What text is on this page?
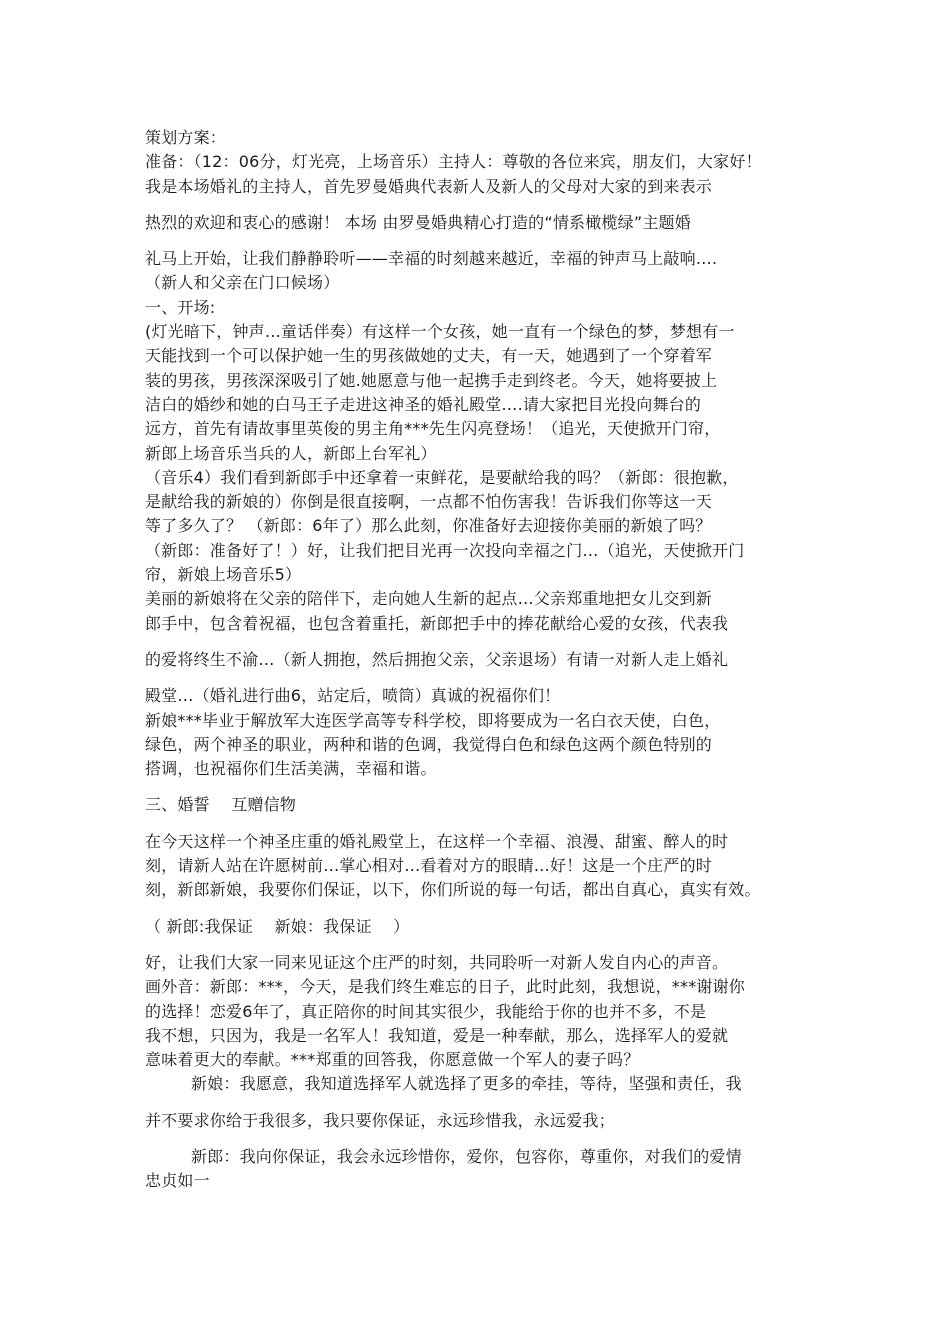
策划方案：
准备：（12：06分，灯光亮，上场音乐）主持人：尊敬的各位来宾，朋友们，大家好！
我是本场婚礼的主持人，首先罗曼婚典代表新人及新人的父母对大家的到来表示
热烈的欢迎和衷心的感谢！ 本场 由罗曼婚典精心打造的“情系橄榄绿”主题婚
礼马上开始，让我们静静聆听——幸福的时刻越来越近，幸福的钟声马上敲响….
（新人和父亲在门口候场）
一、开场:
(灯光暗下，钟声…童话伴奏）有这样一个女孩，她一直有一个绿色的梦，梦想有一
天能找到一个可以保护她一生的男孩做她的丈夫，有一天，她遇到了一个穿着军
装的男孩，男孩深深吸引了她.她愿意与他一起携手走到终老。今天，她将要披上
洁白的婚纱和她的白马王子走进这神圣的婚礼殿堂….请大家把目光投向舞台的
远方，首先有请故事里英俊的男主角***先生闪亮登场！（追光，天使掀开门帘，
新郎上场音乐当兵的人，新郎上台军礼）
（音乐4）我们看到新郎手中还拿着一束鲜花，是要献给我的吗？（新郎：很抱歉，
是献给我的新娘的）你倒是很直接啊，一点都不怕伤害我！告诉我们你等这一天
等了多久了？ （新郎：6年了）那么此刻，你准备好去迎接你美丽的新娘了吗？
（新郎：准备好了！）好，让我们把目光再一次投向幸福之门…（追光，天使掀开门
帘，新娘上场音乐5）
美丽的新娘将在父亲的陪伴下，走向她人生新的起点…父亲郑重地把女儿交到新
郎手中，包含着祝福，也包含着重托，新郎把手中的捧花献给心爱的女孩，代表我
的爱将终生不渝…（新人拥抱，然后拥抱父亲，父亲退场）有请一对新人走上婚礼
殿堂…（婚礼进行曲6，站定后，喷筒）真诚的祝福你们！
新娘***毕业于解放军大连医学高等专科学校，即将要成为一名白衣天使，白色，
绿色，两个神圣的职业，两种和谐的色调，我觉得白色和绿色这两个颜色特别的
搭调，也祝福你们生活美满，幸福和谐。
三、婚誓　 互赠信物
在今天这样一个神圣庄重的婚礼殿堂上，在这样一个幸福、浪漫、甜蜜、醉人的时
刻，请新人站在许愿树前…掌心相对…看着对方的眼睛…好！这是一个庄严的时
刻，新郎新娘，我要你们保证，以下，你们所说的每一句话，都出自真心，真实有效。
（ 新郎:我保证　 新娘：我保证　 ）
好，让我们大家一同来见证这个庄严的时刻，共同聆听一对新人发自内心的声音。
画外音：新郎：***，今天，是我们终生难忘的日子，此时此刻，我想说，***谢谢你
的选择！恋爱6年了，真正陪你的时间其实很少，我能给于你的也并不多，不是
我不想，只因为，我是一名军人！我知道，爱是一种奉献，那么，选择军人的爱就
意味着更大的奉献。***郑重的回答我，你愿意做一个军人的妻子吗？
新娘：我愿意，我知道选择军人就选择了更多的牵挂，等待，坚强和责任，我
并不要求你给于我很多，我只要你保证，永远珍惜我，永远爱我；
新郎：我向你保证，我会永远珍惜你，爱你，包容你，尊重你，对我们的爱情
忠贞如一
